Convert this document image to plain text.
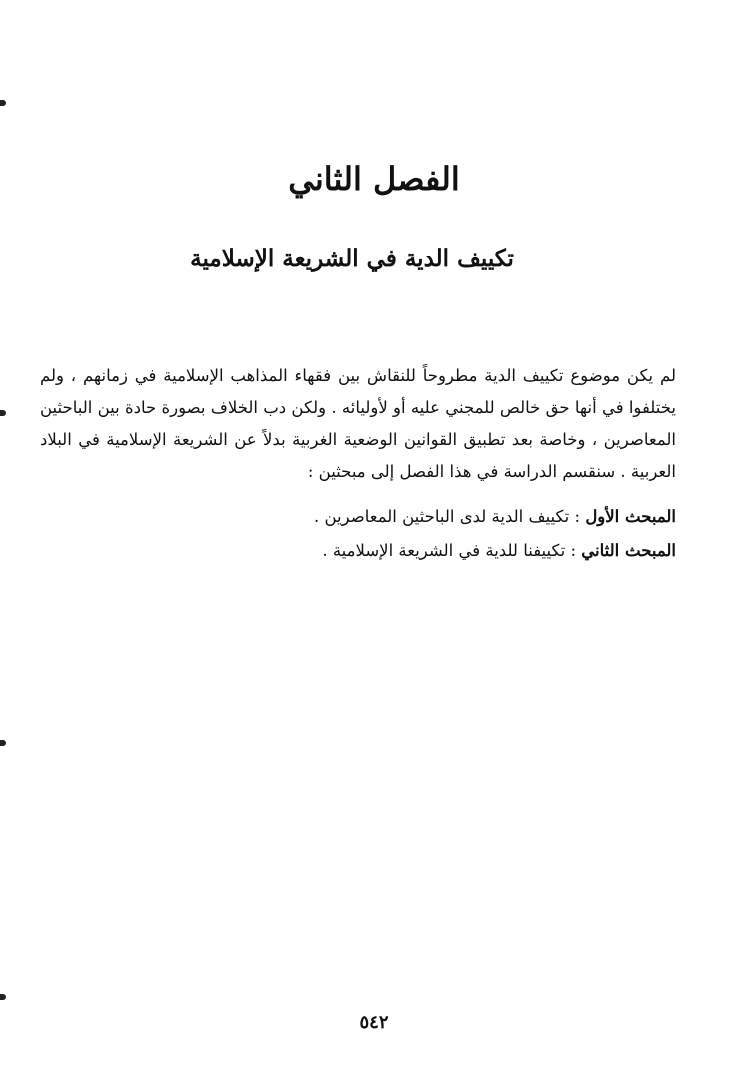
الفصل الثاني
تكييف الدية في الشريعة الإسلامية

لم يكن موضوع تكييف الدية مطروحاً للنقاش بين فقهاء المذاهب الإسلامية في زمانهم ، ولم يختلفوا في أنها حق خالص للمجني عليه أو لأوليائه . ولكن دب الخلاف بصورة حادة بين الباحثين المعاصرين ، وخاصة بعد تطبيق القوانين الوضعية الغربية بدلاً عن الشريعة الإسلامية في البلاد العربية . سنقسم الدراسة في هذا الفصل إلى مبحثين :

المبحث الأول : تكييف الدية لدى الباحثين المعاصرين .

المبحث الثاني : تكييفنا للدية في الشريعة الإسلامية .

٥٤٢
